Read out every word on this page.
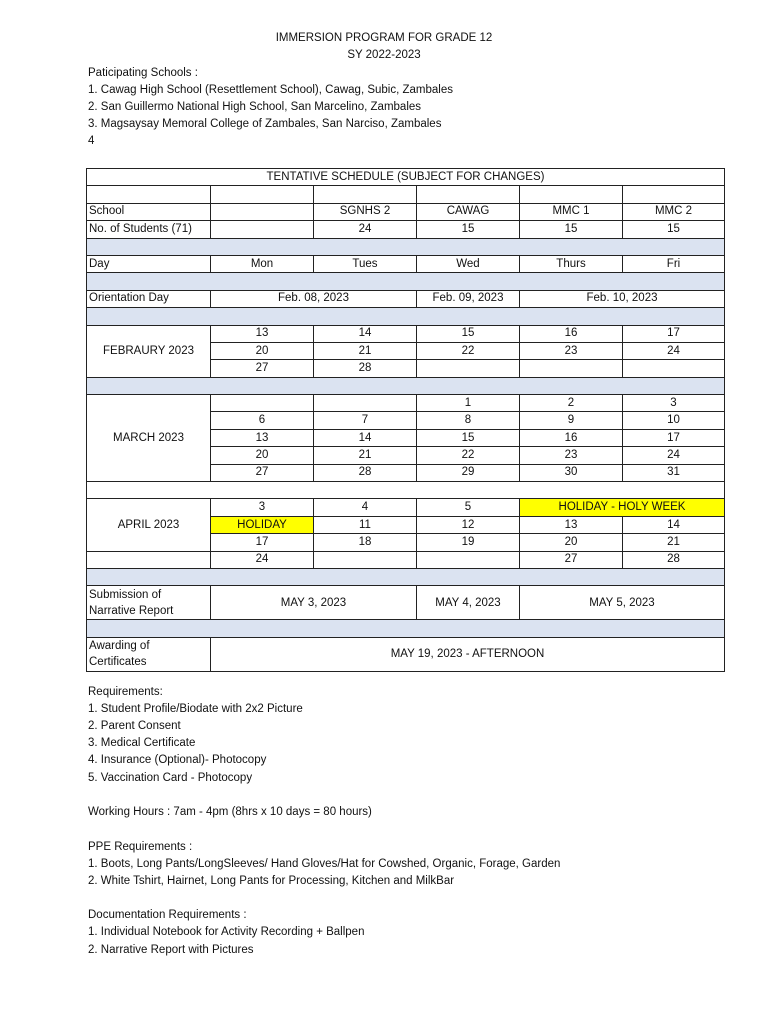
IMMERSION PROGRAM FOR GRADE 12
SY 2022-2023
Paticipating Schools :
1. Cawag High School (Resettlement School), Cawag, Subic, Zambales
2. San Guillermo National High School, San Marcelino, Zambales
3. Magsaysay Memoral College of Zambales, San Narciso, Zambales
4
TENTATIVE SCHEDULE (SUBJECT FOR CHANGES)					

School		SGNHS 2	CAWAG	MMC 1	MMC 2
No. of Students (71)		24	15	15	15

Day	Mon	Tues	Wed	Thurs	Fri

Orientation Day	Feb. 08, 2023		Feb. 09, 2023	Feb. 10, 2023	

FEBRAURY 2023	13	14	15	16	17
	20	21	22	23	24
	27	28			

MARCH 2023			1	2	3
	6	7	8	9	10
	13	14	15	16	17
	20	21	22	23	24
	27	28	29	30	31

APRIL 2023	3	4	5	HOLIDAY - HOLY WEEK	
	HOLIDAY	11	12	13	14
	17	18	19	20	21
	24			27	28

Submission of Narrative Report	MAY 3, 2023		MAY 4, 2023	MAY 5, 2023	

Awarding of Certificates	MAY 19, 2023 - AFTERNOON				
Requirements:
1. Student Profile/Biodate with 2x2 Picture
2. Parent Consent
3. Medical Certificate
4. Insurance (Optional)- Photocopy
5. Vaccination Card - Photocopy
Working Hours : 7am - 4pm (8hrs x 10 days = 80 hours)
PPE Requirements :
1. Boots, Long Pants/LongSleeves/ Hand Gloves/Hat for Cowshed, Organic, Forage, Garden
2. White Tshirt, Hairnet, Long Pants for Processing, Kitchen and MilkBar
Documentation Requirements :
1. Individual Notebook for Activity Recording + Ballpen
2. Narrative Report with Pictures
